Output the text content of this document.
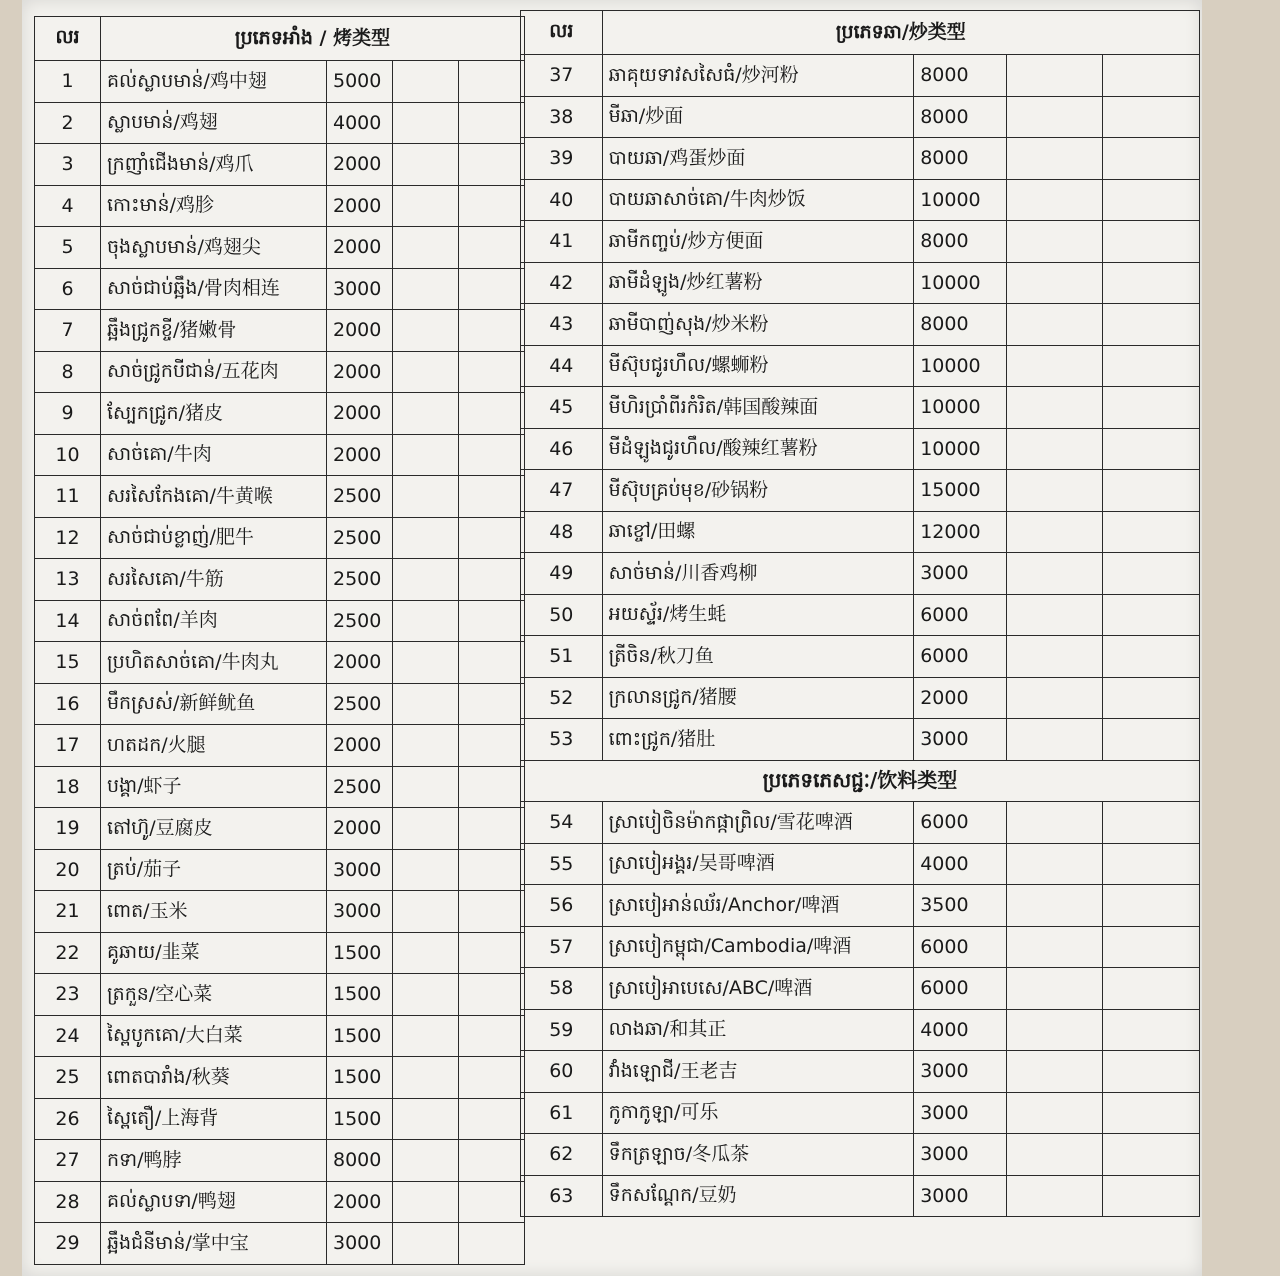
លរ	ប្រភេទអាំង / 烤类型			
1	គល់ស្លាបមាន់/鸡中翅	5000		
2	ស្លាបមាន់/鸡翅	4000		
3	ក្រញាំជើងមាន់/鸡爪	2000		
4	កោះមាន់/鸡胗	2000		
5	ចុងស្លាបមាន់/鸡翅尖	2000		
6	សាច់ជាប់ឆ្អឹង/骨肉相连	3000		
7	ឆ្អឹងជ្រូកខ្ចី/猪嫩骨	2000		
8	សាច់ជ្រូកបីជាន់/五花肉	2000		
9	ស្បែកជ្រូក/猪皮	2000		
10	សាច់គោ/牛肉	2000		
11	សរសៃកែងគោ/牛黄喉	2500		
12	សាច់ជាប់ខ្លាញ់/肥牛	2500		
13	សរសៃគោ/牛筋	2500		
14	សាច់ពពែ/羊肉	2500		
15	ប្រហិតសាច់គោ/牛肉丸	2000		
16	មឹកស្រស់/新鲜鱿鱼	2500		
17	ហតដក/火腿	2000		
18	បង្គា/虾子	2500		
19	តៅហ៊ូ/豆腐皮	2000		
20	ត្រប់/茄子	3000		
21	ពោត/玉米	3000		
22	គូឆាយ/韭菜	1500		
23	ត្រកួន/空心菜	1500		
24	ស្ពៃបូកគោ/大白菜	1500		
25	ពោតបារាំង/秋葵	1500		
26	ស្ពៃតឿ/上海背	1500		
27	កទា/鸭脖	8000		
28	គល់ស្លាបទា/鸭翅	2000		
29	ឆ្អឹងជំនីមាន់/掌中宝	3000		
លរ	ប្រភេទឆា/炒类型			
37	ឆាគុយទាវសសៃធំ/炒河粉	8000		
38	មីឆា/炒面	8000		
39	បាយឆា/鸡蛋炒面	8000		
40	បាយឆាសាច់គោ/牛肉炒饭	10000		
41	ឆាមីកញ្ចប់/炒方便面	8000		
42	ឆាមីដំឡូង/炒红薯粉	10000		
43	ឆាមីបាញ់សុង/炒米粉	8000		
44	មីស៊ុបជូរហឹល/螺蛳粉	10000		
45	មីហិរប្រាំពីរកំរិត/韩国酸辣面	10000		
46	មីដំឡូងជូរហឹល/酸辣红薯粉	10000		
47	មីស៊ុបគ្រប់មុខ/砂锅粉	15000		
48	ឆាខ្ចៅ/田螺	12000		
49	សាច់មាន់/川香鸡柳	3000		
50	អយស្ទ័រ/烤生蚝	6000		
51	ត្រីចិន/秋刀鱼	6000		
52	ក្រលានជ្រូក/猪腰	2000		
53	ពោះជ្រូក/猪肚	3000		
ប្រភេទភេសជ្ជៈ/饮料类型				
54	ស្រាបៀចិនម៉ាកផ្កាព្រិល/雪花啤酒	6000		
55	ស្រាបៀអង្គរ/吴哥啤酒	4000		
56	ស្រាបៀអាន់ឈ័រ/Anchor/啤酒	3500		
57	ស្រាបៀកម្ពុជា/Cambodia/啤酒	6000		
58	ស្រាបៀអាបេសេ/ABC/啤酒	6000		
59	លាងឆា/和其正	4000		
60	វាំងឡោជី/王老吉	3000		
61	កូកាកូឡា/可乐	3000		
62	ទឹកត្រឡាច/冬瓜茶	3000		
63	ទឹកសណ្ដែក/豆奶	3000		
